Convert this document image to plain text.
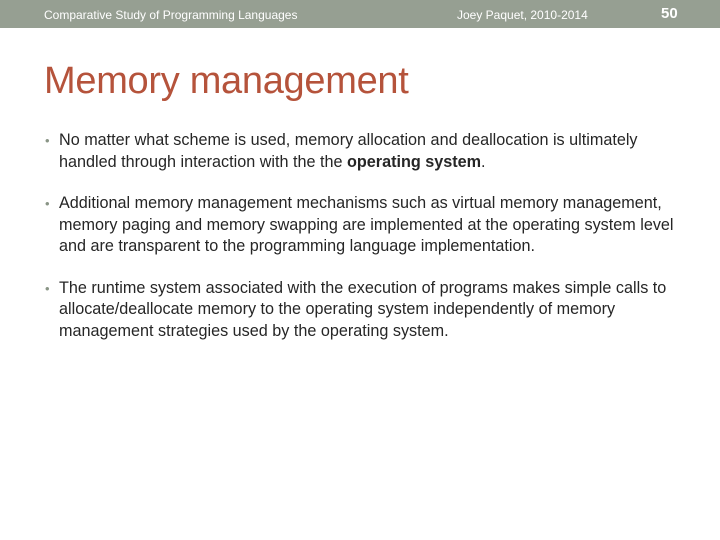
Comparative Study of Programming Languages	Joey Paquet, 2010-2014	50
Memory management
• No matter what scheme is used, memory allocation and deallocation is ultimately handled through interaction with the the operating system.
• Additional memory management mechanisms such as virtual memory management, memory paging and memory swapping are implemented at the operating system level and are transparent to the programming language implementation.
• The runtime system associated with the execution of programs makes simple calls to allocate/deallocate memory to the operating system independently of memory management strategies used by the operating system.
